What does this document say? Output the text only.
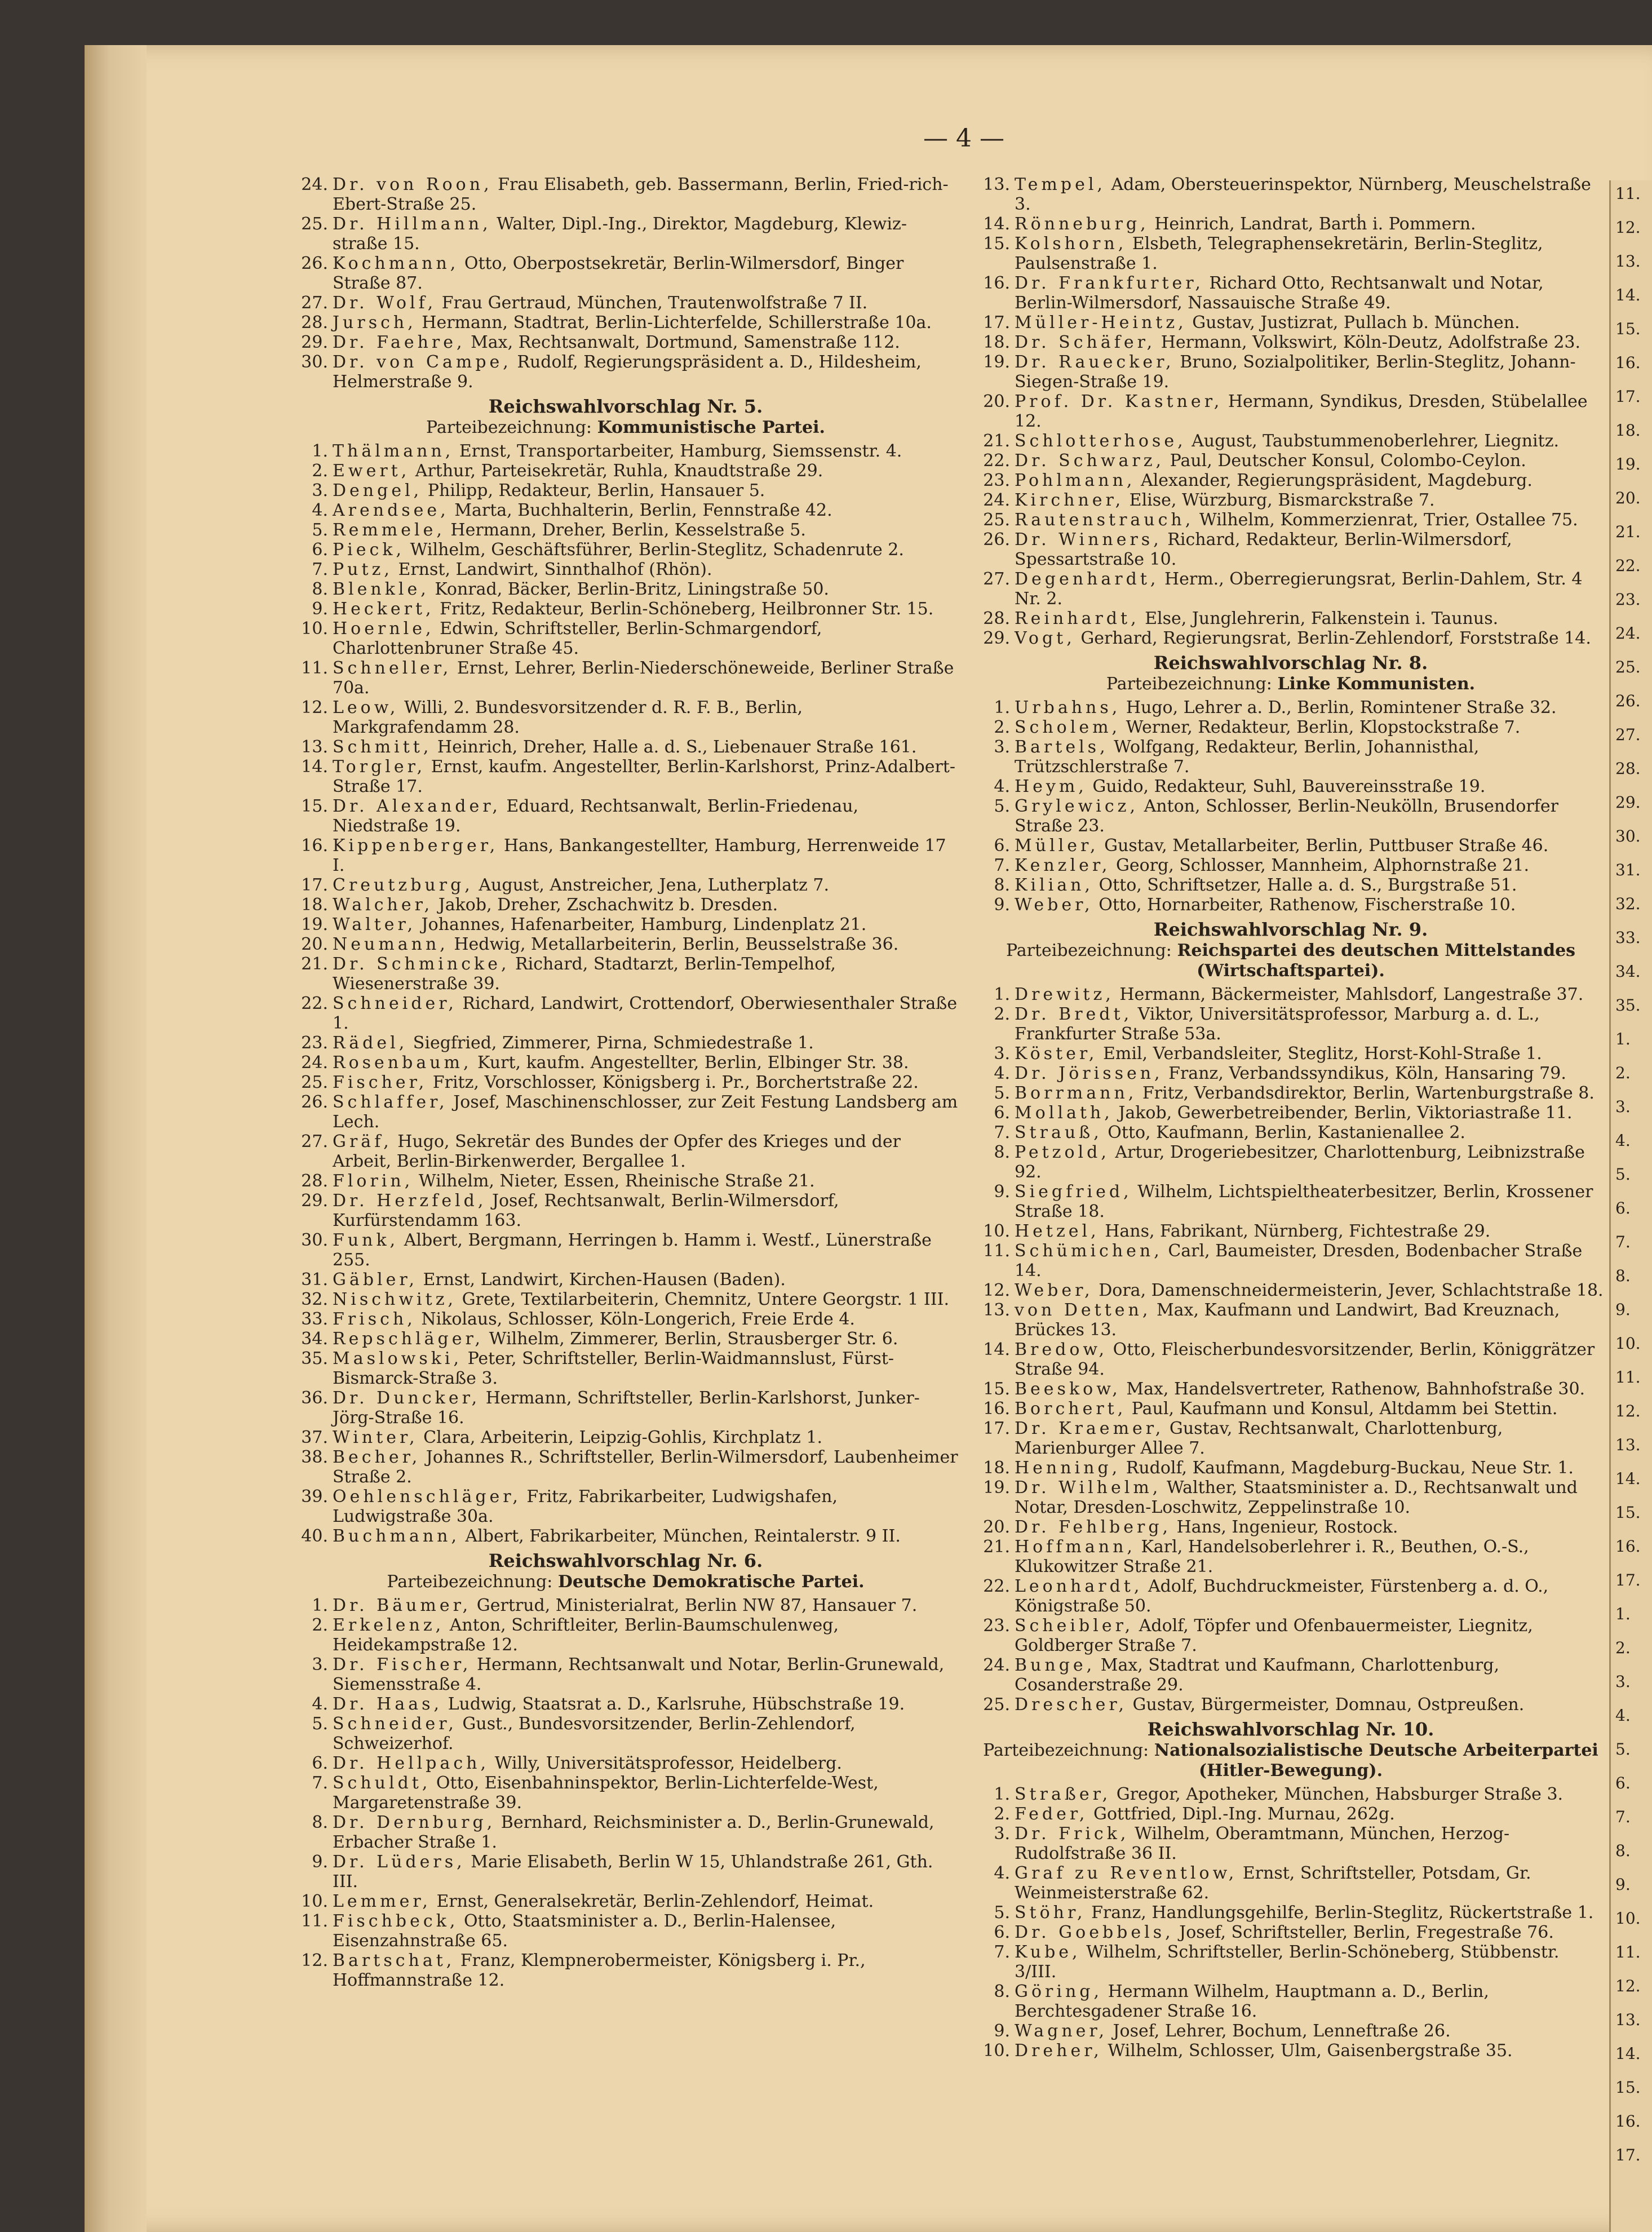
11.
12.
13.
14.
15.
16.
17.
18.
19.
20.
21.
22.
23.
24.
25.
26.
27.
28.
29.
30.
31.
32.
33.
34.
35.
1.
2.
3.
4.
5.
6.
7.
8.
9.
10.
11.
12.
13.
14.
15.
16.
17.
1.
2.
3.
4.
5.
6.
7.
8.
9.
10.
11.
12.
13.
14.
15.
16.
17.
— 4 —
24. Dr. von Roon, Frau Elisabeth, geb. Bassermann, Berlin, Fried-rich-Ebert-Straße 25.
25. Dr. Hillmann, Walter, Dipl.-Ing., Direktor, Magdeburg, Klewiz-straße 15.
26. Kochmann, Otto, Oberpostsekretär, Berlin-Wilmersdorf, Binger Straße 87.
27. Dr. Wolf, Frau Gertraud, München, Trautenwolfstraße 7 II.
28. Jursch, Hermann, Stadtrat, Berlin-Lichterfelde, Schillerstraße 10a.
29. Dr. Faehre, Max, Rechtsanwalt, Dortmund, Samenstraße 112.
30. Dr. von Campe, Rudolf, Regierungspräsident a. D., Hildesheim, Helmerstraße 9.
Reichswahlvorschlag Nr. 5.
Parteibezeichnung: Kommunistische Partei.
1. Thälmann, Ernst, Transportarbeiter, Hamburg, Siemssenstr. 4.
2. Ewert, Arthur, Parteisekretär, Ruhla, Knaudtstraße 29.
3. Dengel, Philipp, Redakteur, Berlin, Hansauer 5.
4. Arendsee, Marta, Buchhalterin, Berlin, Fennstraße 42.
5. Remmele, Hermann, Dreher, Berlin, Kesselstraße 5.
6. Pieck, Wilhelm, Geschäftsführer, Berlin-Steglitz, Schadenrute 2.
7. Putz, Ernst, Landwirt, Sinnthalhof (Rhön).
8. Blenkle, Konrad, Bäcker, Berlin-Britz, Liningstraße 50.
9. Heckert, Fritz, Redakteur, Berlin-Schöneberg, Heilbronner Str. 15.
10. Hoernle, Edwin, Schriftsteller, Berlin-Schmargendorf, Charlottenbruner Straße 45.
11. Schneller, Ernst, Lehrer, Berlin-Niederschöneweide, Berliner Straße 70a.
12. Leow, Willi, 2. Bundesvorsitzender d. R. F. B., Berlin, Markgrafendamm 28.
13. Schmitt, Heinrich, Dreher, Halle a. d. S., Liebenauer Straße 161.
14. Torgler, Ernst, kaufm. Angestellter, Berlin-Karlshorst, Prinz-Adalbert-Straße 17.
15. Dr. Alexander, Eduard, Rechtsanwalt, Berlin-Friedenau, Niedstraße 19.
16. Kippenberger, Hans, Bankangestellter, Hamburg, Herrenweide 17 I.
17. Creutzburg, August, Anstreicher, Jena, Lutherplatz 7.
18. Walcher, Jakob, Dreher, Zschachwitz b. Dresden.
19. Walter, Johannes, Hafenarbeiter, Hamburg, Lindenplatz 21.
20. Neumann, Hedwig, Metallarbeiterin, Berlin, Beusselstraße 36.
21. Dr. Schmincke, Richard, Stadtarzt, Berlin-Tempelhof, Wiesenerstraße 39.
22. Schneider, Richard, Landwirt, Crottendorf, Oberwiesenthaler Straße 1.
23. Rädel, Siegfried, Zimmerer, Pirna, Schmiedestraße 1.
24. Rosenbaum, Kurt, kaufm. Angestellter, Berlin, Elbinger Str. 38.
25. Fischer, Fritz, Vorschlosser, Königsberg i. Pr., Borchertstraße 22.
26. Schlaffer, Josef, Maschinenschlosser, zur Zeit Festung Landsberg am Lech.
27. Gräf, Hugo, Sekretär des Bundes der Opfer des Krieges und der Arbeit, Berlin-Birkenwerder, Bergallee 1.
28. Florin, Wilhelm, Nieter, Essen, Rheinische Straße 21.
29. Dr. Herzfeld, Josef, Rechtsanwalt, Berlin-Wilmersdorf, Kurfürstendamm 163.
30. Funk, Albert, Bergmann, Herringen b. Hamm i. Westf., Lünerstraße 255.
31. Gäbler, Ernst, Landwirt, Kirchen-Hausen (Baden).
32. Nischwitz, Grete, Textilarbeiterin, Chemnitz, Untere Georgstr. 1 III.
33. Frisch, Nikolaus, Schlosser, Köln-Longerich, Freie Erde 4.
34. Repschläger, Wilhelm, Zimmerer, Berlin, Strausberger Str. 6.
35. Maslowski, Peter, Schriftsteller, Berlin-Waidmannslust, Fürst-Bismarck-Straße 3.
36. Dr. Duncker, Hermann, Schriftsteller, Berlin-Karlshorst, Junker-Jörg-Straße 16.
37. Winter, Clara, Arbeiterin, Leipzig-Gohlis, Kirchplatz 1.
38. Becher, Johannes R., Schriftsteller, Berlin-Wilmersdorf, Laubenheimer Straße 2.
39. Oehlenschläger, Fritz, Fabrikarbeiter, Ludwigshafen, Ludwigstraße 30a.
40. Buchmann, Albert, Fabrikarbeiter, München, Reintalerstr. 9 II.
Reichswahlvorschlag Nr. 6.
Parteibezeichnung: Deutsche Demokratische Partei.
1. Dr. Bäumer, Gertrud, Ministerialrat, Berlin NW 87, Hansauer 7.
2. Erkelenz, Anton, Schriftleiter, Berlin-Baumschulenweg, Heidekampstraße 12.
3. Dr. Fischer, Hermann, Rechtsanwalt und Notar, Berlin-Grunewald, Siemensstraße 4.
4. Dr. Haas, Ludwig, Staatsrat a. D., Karlsruhe, Hübschstraße 19.
5. Schneider, Gust., Bundesvorsitzender, Berlin-Zehlendorf, Schweizerhof.
6. Dr. Hellpach, Willy, Universitätsprofessor, Heidelberg.
7. Schuldt, Otto, Eisenbahninspektor, Berlin-Lichterfelde-West, Margaretenstraße 39.
8. Dr. Dernburg, Bernhard, Reichsminister a. D., Berlin-Grunewald, Erbacher Straße 1.
9. Dr. Lüders, Marie Elisabeth, Berlin W 15, Uhlandstraße 261, Gth. III.
10. Lemmer, Ernst, Generalsekretär, Berlin-Zehlendorf, Heimat.
11. Fischbeck, Otto, Staatsminister a. D., Berlin-Halensee, Eisenzahnstraße 65.
12. Bartschat, Franz, Klempnerobermeister, Königsberg i. Pr., Hoffmannstraße 12.
13. Tempel, Adam, Obersteuerinspektor, Nürnberg, Meuschelstraße 3.
14. Rönneburg, Heinrich, Landrat, Bartḣ i. Pommern.
15. Kolshorn, Elsbeth, Telegraphensekretärin, Berlin-Steglitz, Paulsenstraße 1.
16. Dr. Frankfurter, Richard Otto, Rechtsanwalt und Notar, Berlin-Wilmersdorf, Nassauische Straße 49.
17. Müller-Heintz, Gustav, Justizrat, Pullach b. München.
18. Dr. Schäfer, Hermann, Volkswirt, Köln-Deutz, Adolfstraße 23.
19. Dr. Rauecker, Bruno, Sozialpolitiker, Berlin-Steglitz, Johann-Siegen-Straße 19.
20. Prof. Dr. Kastner, Hermann, Syndikus, Dresden, Stübelallee 12.
21. Schlotterhose, August, Taubstummenoberlehrer, Liegnitz.
22. Dr. Schwarz, Paul, Deutscher Konsul, Colombo-Ceylon.
23. Pohlmann, Alexander, Regierungspräsident, Magdeburg.
24. Kirchner, Elise, Würzburg, Bismarckstraße 7.
25. Rautenstrauch, Wilhelm, Kommerzienrat, Trier, Ostallee 75.
26. Dr. Winners, Richard, Redakteur, Berlin-Wilmersdorf, Spessartstraße 10.
27. Degenhardt, Herm., Oberregierungsrat, Berlin-Dahlem, Str. 4 Nr. 2.
28. Reinhardt, Else, Junglehrerin, Falkenstein i. Taunus.
29. Vogt, Gerhard, Regierungsrat, Berlin-Zehlendorf, Forststraße 14.
Reichswahlvorschlag Nr. 8.
Parteibezeichnung: Linke Kommunisten.
1. Urbahns, Hugo, Lehrer a. D., Berlin, Romintener Straße 32.
2. Scholem, Werner, Redakteur, Berlin, Klopstockstraße 7.
3. Bartels, Wolfgang, Redakteur, Berlin, Johannisthal, Trützschlerstraße 7.
4. Heym, Guido, Redakteur, Suhl, Bauvereinsstraße 19.
5. Grylewicz, Anton, Schlosser, Berlin-Neukölln, Brusendorfer Straße 23.
6. Müller, Gustav, Metallarbeiter, Berlin, Puttbuser Straße 46.
7. Kenzler, Georg, Schlosser, Mannheim, Alphornstraße 21.
8. Kilian, Otto, Schriftsetzer, Halle a. d. S., Burgstraße 51.
9. Weber, Otto, Hornarbeiter, Rathenow, Fischerstraße 10.
Reichswahlvorschlag Nr. 9.
Parteibezeichnung: Reichspartei des deutschen Mittelstandes (Wirtschaftspartei).
1. Drewitz, Hermann, Bäckermeister, Mahlsdorf, Langestraße 37.
2. Dr. Bredt, Viktor, Universitätsprofessor, Marburg a. d. L., Frankfurter Straße 53a.
3. Köster, Emil, Verbandsleiter, Steglitz, Horst-Kohl-Straße 1.
4. Dr. Jörissen, Franz, Verbandssyndikus, Köln, Hansaring 79.
5. Borrmann, Fritz, Verbandsdirektor, Berlin, Wartenburgstraße 8.
6. Mollath, Jakob, Gewerbetreibender, Berlin, Viktoriastraße 11.
7. Strauß, Otto, Kaufmann, Berlin, Kastanienallee 2.
8. Petzold, Artur, Drogeriebesitzer, Charlottenburg, Leibnizstraße 92.
9. Siegfried, Wilhelm, Lichtspieltheaterbesitzer, Berlin, Krossener Straße 18.
10. Hetzel, Hans, Fabrikant, Nürnberg, Fichtestraße 29.
11. Schümichen, Carl, Baumeister, Dresden, Bodenbacher Straße 14.
12. Weber, Dora, Damenschneidermeisterin, Jever, Schlachtstraße 18.
13. von Detten, Max, Kaufmann und Landwirt, Bad Kreuznach, Brückes 13.
14. Bredow, Otto, Fleischerbundesvorsitzender, Berlin, Königgrätzer Straße 94.
15. Beeskow, Max, Handelsvertreter, Rathenow, Bahnhofstraße 30.
16. Borchert, Paul, Kaufmann und Konsul, Altdamm bei Stettin.
17. Dr. Kraemer, Gustav, Rechtsanwalt, Charlottenburg, Marienburger Allee 7.
18. Henning, Rudolf, Kaufmann, Magdeburg-Buckau, Neue Str. 1.
19. Dr. Wilhelm, Walther, Staatsminister a. D., Rechtsanwalt und Notar, Dresden-Loschwitz, Zeppelinstraße 10.
20. Dr. Fehlberg, Hans, Ingenieur, Rostock.
21. Hoffmann, Karl, Handelsoberlehrer i. R., Beuthen, O.-S., Klukowitzer Straße 21.
22. Leonhardt, Adolf, Buchdruckmeister, Fürstenberg a. d. O., Königstraße 50.
23. Scheibler, Adolf, Töpfer und Ofenbauermeister, Liegnitz, Goldberger Straße 7.
24. Bunge, Max, Stadtrat und Kaufmann, Charlottenburg, Cosanderstraße 29.
25. Drescher, Gustav, Bürgermeister, Domnau, Ostpreußen.
Reichswahlvorschlag Nr. 10.
Parteibezeichnung: Nationalsozialistische Deutsche Arbeiterpartei (Hitler-Bewegung).
1. Straßer, Gregor, Apotheker, München, Habsburger Straße 3.
2. Feder, Gottfried, Dipl.-Ing. Murnau, 262g.
3. Dr. Frick, Wilhelm, Oberamtmann, München, Herzog-Rudolfstraße 36 II.
4. Graf zu Reventlow, Ernst, Schriftsteller, Potsdam, Gr. Weinmeisterstraße 62.
5. Stöhr, Franz, Handlungsgehilfe, Berlin-Steglitz, Rückertstraße 1.
6. Dr. Goebbels, Josef, Schriftsteller, Berlin, Fregestraße 76.
7. Kube, Wilhelm, Schriftsteller, Berlin-Schöneberg, Stübbenstr. 3/III.
8. Göring, Hermann Wilhelm, Hauptmann a. D., Berlin, Berchtesgadener Straße 16.
9. Wagner, Josef, Lehrer, Bochum, Lenneftraße 26.
10. Dreher, Wilhelm, Schlosser, Ulm, Gaisenbergstraße 35.
